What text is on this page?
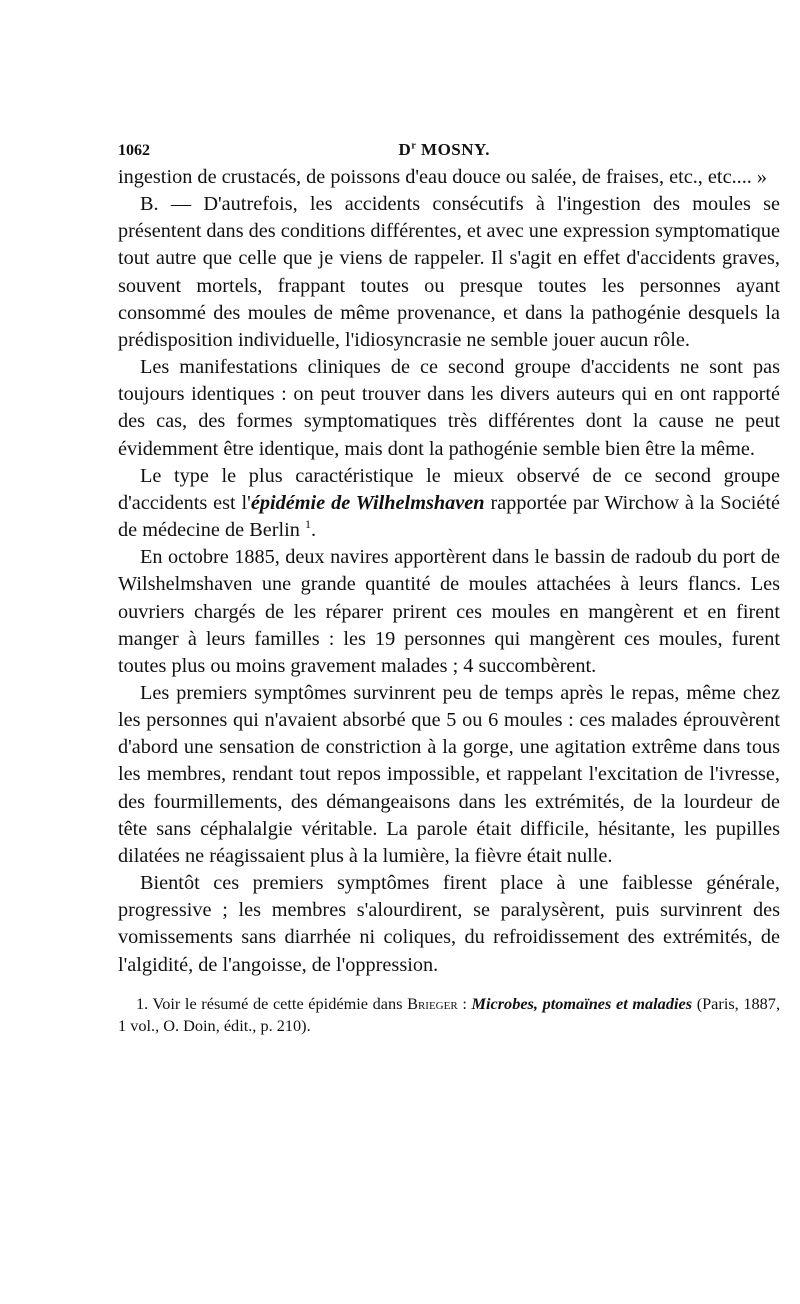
1062	$D^r$ MOSNY.

ingestion de crustacés, de poissons d'eau douce ou salée, de fraises, etc., etc.... »

B. — D'autrefois, les accidents consécutifs à l'ingestion des moules se présentent dans des conditions différentes, et avec une expression symptomatique tout autre que celle que je viens de rappeler. Il s'agit en effet d'accidents graves, souvent mortels, frappant toutes ou presque toutes les personnes ayant consommé des moules de même provenance, et dans la pathogénie desquels la prédisposition individuelle, l'idiosyncrasie ne semble jouer aucun rôle.

Les manifestations cliniques de ce second groupe d'accidents ne sont pas toujours identiques : on peut trouver dans les divers auteurs qui en ont rapporté des cas, des formes symptomatiques très différentes dont la cause ne peut évidemment être identique, mais dont la pathogénie semble bien être la même.

Le type le plus caractéristique le mieux observé de ce second groupe d'accidents est l'épidémie de Wilhelmshaven rapportée par Wirchow à la Société de médecine de Berlin $^1$.

En octobre 1885, deux navires apportèrent dans le bassin de radoub du port de Wilshelmshaven une grande quantité de moules attachées à leurs flancs. Les ouvriers chargés de les réparer prirent ces moules en mangèrent et en firent manger à leurs familles : les 19 personnes qui mangèrent ces moules, furent toutes plus ou moins gravement malades ; 4 succombèrent.

Les premiers symptômes survinrent peu de temps après le repas, même chez les personnes qui n'avaient absorbé que 5 ou 6 moules : ces malades éprouvèrent d'abord une sensation de constriction à la gorge, une agitation extrême dans tous les membres, rendant tout repos impossible, et rappelant l'excitation de l'ivresse, des fourmillements, des démangeaisons dans les extrémités, de la lourdeur de tête sans céphalalgie véritable. La parole était difficile, hésitante, les pupilles dilatées ne réagissaient plus à la lumière, la fièvre était nulle.

Bientôt ces premiers symptômes firent place à une faiblesse générale, progressive ; les membres s'alourdirent, se paralysèrent, puis survinrent des vomissements sans diarrhée ni coliques, du refroidissement des extrémités, de l'algidité, de l'angoisse, de l'oppression.

1. Voir le résumé de cette épidémie dans Brieger : Microbes, ptomaïnes et maladies (Paris, 1887, 1 vol., O. Doin, édit., p. 210).
